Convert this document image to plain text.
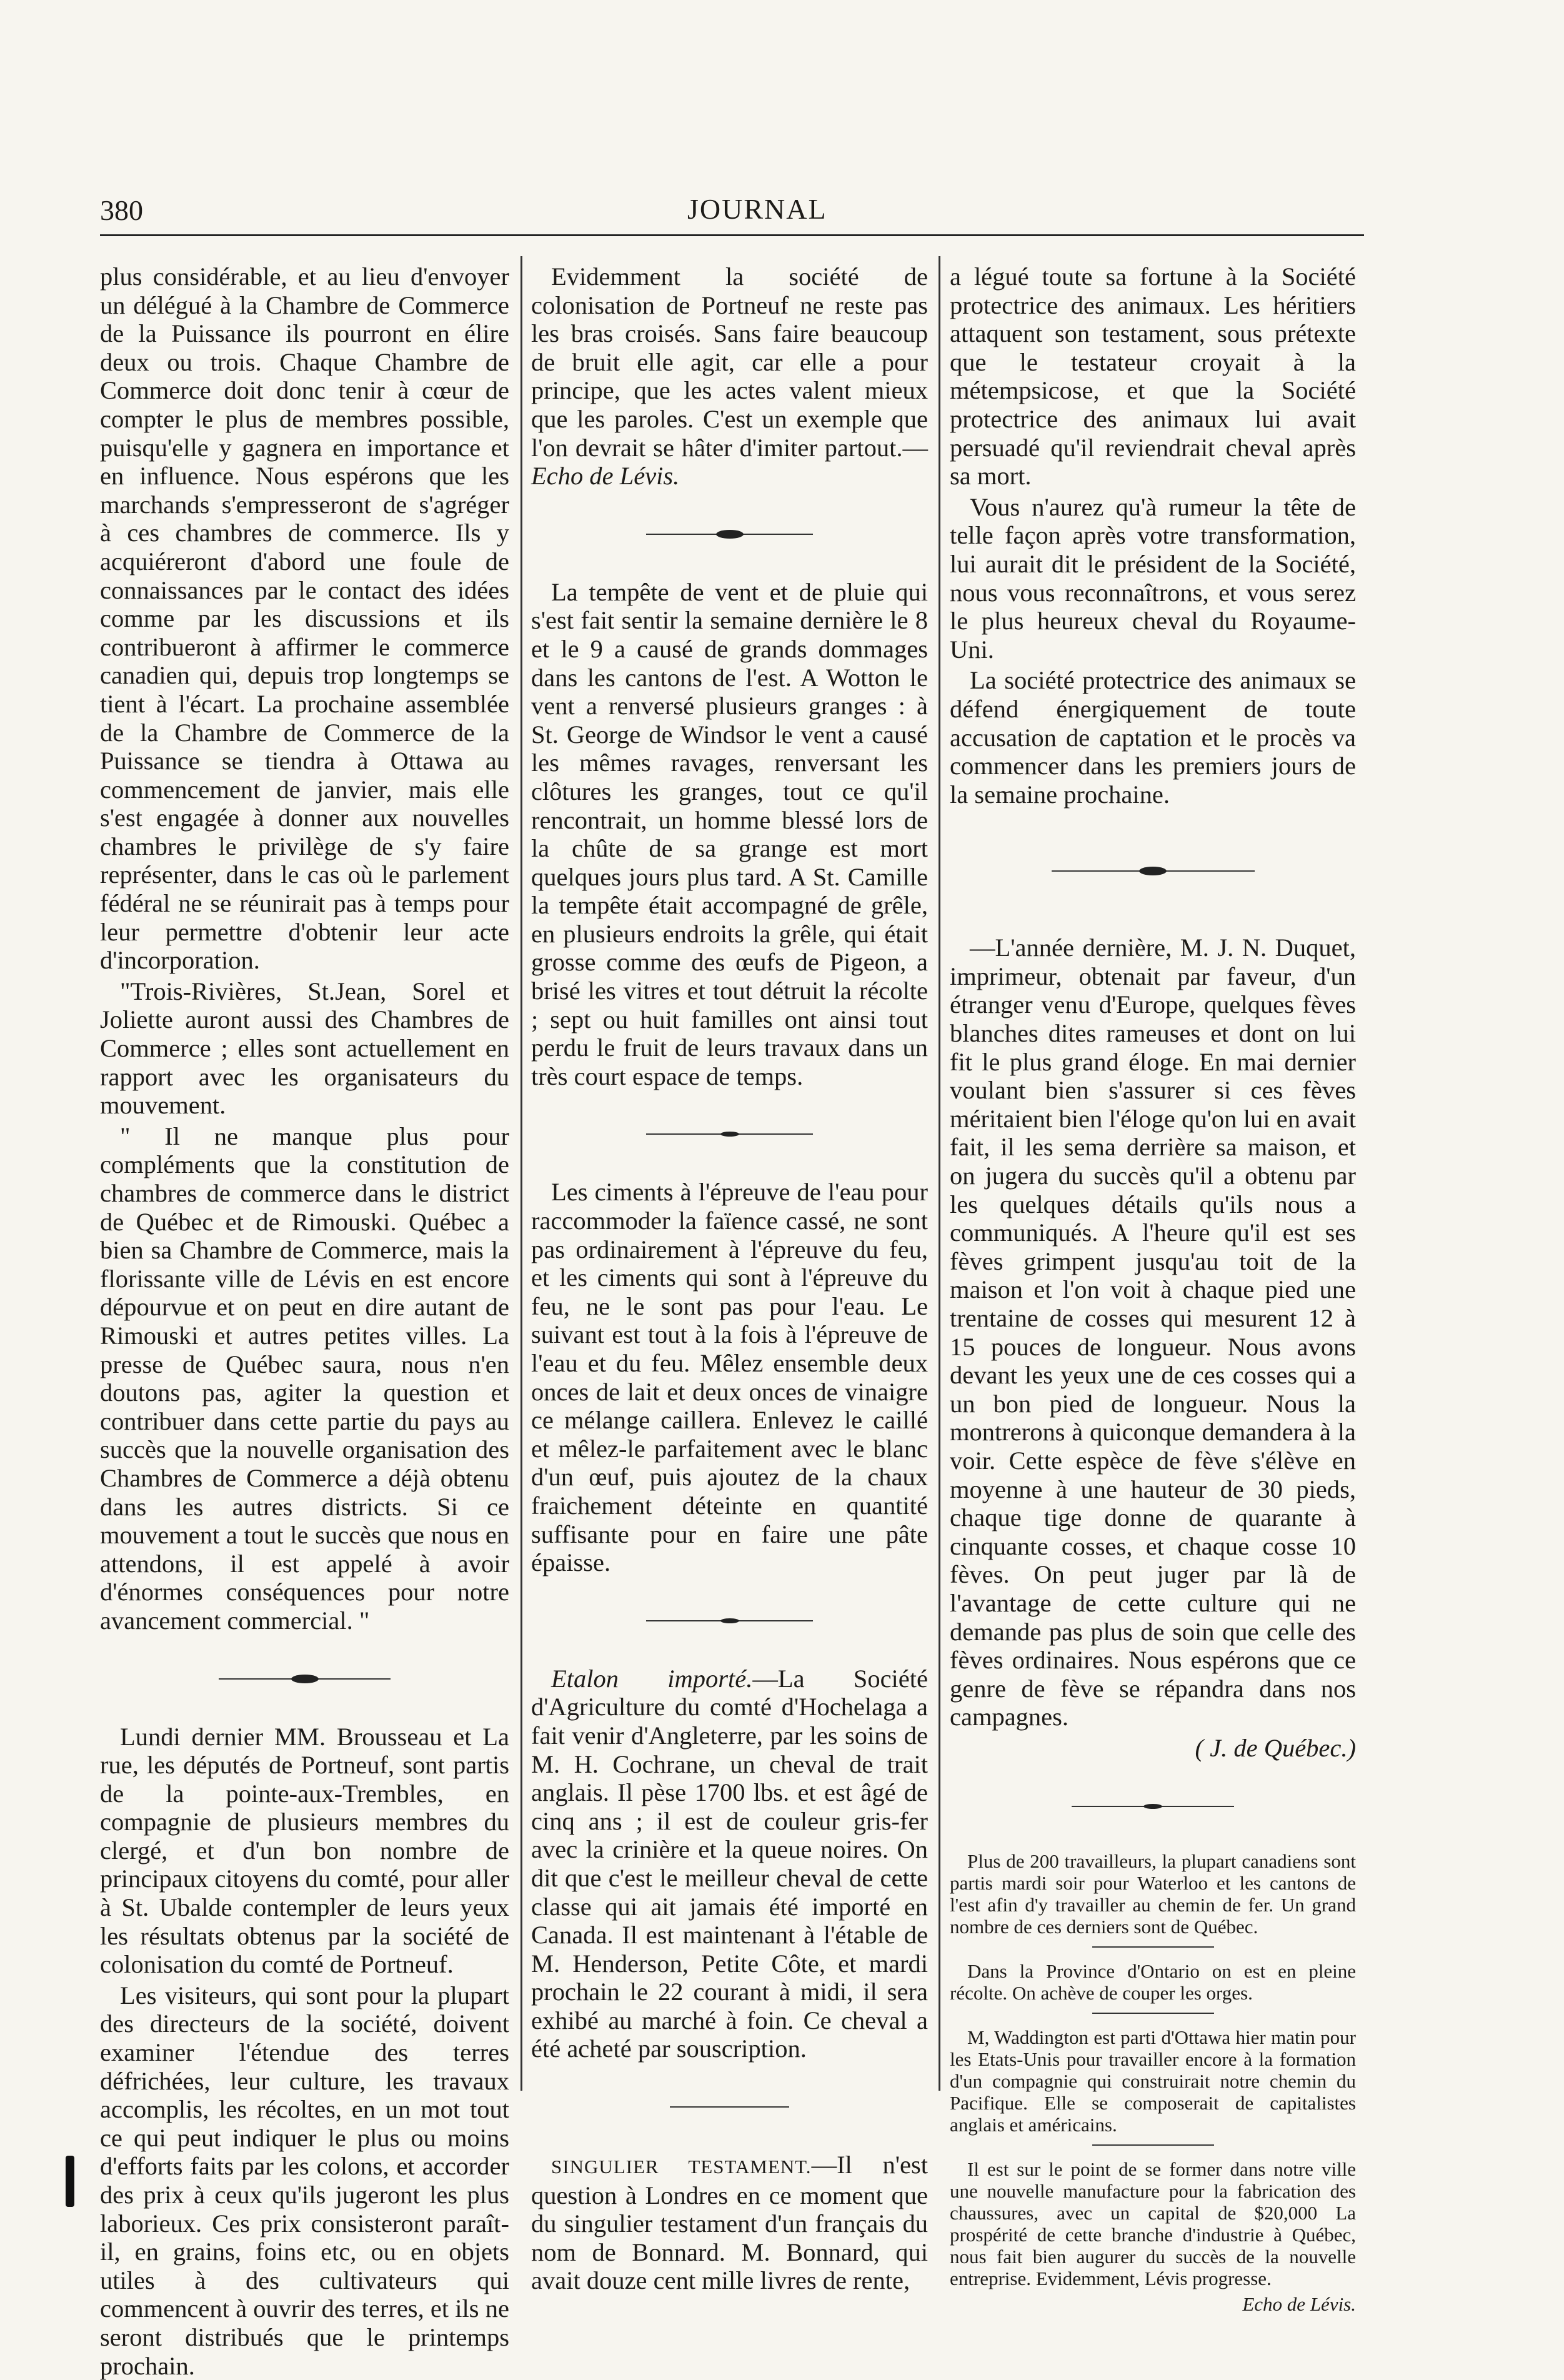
380	JOURNAL

plus considérable, et au lieu d'envoyer un délégué à la Chambre de Commerce de la Puissance ils pourront en élire deux ou trois. Chaque Chambre de Commerce doit donc tenir à cœur de compter le plus de membres possible, puisqu'elle y gagnera en importance et en influence. Nous espérons que les marchands s'empresseront de s'agréger à ces chambres de commerce. Ils y acquiéreront d'abord une foule de connaissances par le contact des idées comme par les discussions et ils contribueront à affirmer le commerce canadien qui, depuis trop longtemps se tient à l'écart. La prochaine assemblée de la Chambre de Commerce de la Puissance se tiendra à Ottawa au commencement de janvier, mais elle s'est engagée à donner aux nouvelles chambres le privilège de s'y faire représenter, dans le cas où le parlement fédéral ne se réunirait pas à temps pour leur permettre d'obtenir leur acte d'incorporation.

"Trois-Rivières, St.Jean, Sorel et Joliette auront aussi des Chambres de Commerce ; elles sont actuellement en rapport avec les organisateurs du mouvement.

" Il ne manque plus pour compléments que la constitution de chambres de commerce dans le district de Québec et de Rimouski. Québec a bien sa Chambre de Commerce, mais la florissante ville de Lévis en est encore dépourvue et on peut en dire autant de Rimouski et autres petites villes. La presse de Québec saura, nous n'en doutons pas, agiter la question et contribuer dans cette partie du pays au succès que la nouvelle organisation des Chambres de Commerce a déjà obtenu dans les autres districts. Si ce mouvement a tout le succès que nous en attendons, il est appelé à avoir d'énormes conséquences pour notre avancement commercial. "

Lundi dernier MM. Brousseau et La rue, les députés de Portneuf, sont partis de la pointe-aux-Trembles, en compagnie de plusieurs membres du clergé, et d'un bon nombre de principaux citoyens du comté, pour aller à St. Ubalde contempler de leurs yeux les résultats obtenus par la société de colonisation du comté de Portneuf.

Les visiteurs, qui sont pour la plupart des directeurs de la société, doivent examiner l'étendue des terres défrichées, leur culture, les travaux accomplis, les récoltes, en un mot tout ce qui peut indiquer le plus ou moins d'efforts faits par les colons, et accorder des prix à ceux qu'ils jugeront les plus laborieux. Ces prix consisteront paraît-il, en grains, foins etc, ou en objets utiles à des cultivateurs qui commencent à ouvrir des terres, et ils ne seront distribués que le printemps prochain.

Evidemment la société de colonisation de Portneuf ne reste pas les bras croisés. Sans faire beaucoup de bruit elle agit, car elle a pour principe, que les actes valent mieux que les paroles. C'est un exemple que l'on devrait se hâter d'imiter partout.—Echo de Lévis.

La tempête de vent et de pluie qui s'est fait sentir la semaine dernière le 8 et le 9 a causé de grands dommages dans les cantons de l'est. A Wotton le vent a renversé plusieurs granges : à St. George de Windsor le vent a causé les mêmes ravages, renversant les clôtures les granges, tout ce qu'il rencontrait, un homme blessé lors de la chûte de sa grange est mort quelques jours plus tard. A St. Camille la tempête était accompagné de grêle, en plusieurs endroits la grêle, qui était grosse comme des œufs de Pigeon, a brisé les vitres et tout détruit la récolte ; sept ou huit familles ont ainsi tout perdu le fruit de leurs travaux dans un très court espace de temps.

Les ciments à l'épreuve de l'eau pour raccommoder la faïence cassé, ne sont pas ordinairement à l'épreuve du feu, et les ciments qui sont à l'épreuve du feu, ne le sont pas pour l'eau. Le suivant est tout à la fois à l'épreuve de l'eau et du feu. Mêlez ensemble deux onces de lait et deux onces de vinaigre ce mélange caillera. Enlevez le caillé et mêlez-le parfaitement avec le blanc d'un œuf, puis ajoutez de la chaux fraichement déteinte en quantité suffisante pour en faire une pâte épaisse.

Etalon importé.—La Société d'Agriculture du comté d'Hochelaga a fait venir d'Angleterre, par les soins de M. H. Cochrane, un cheval de trait anglais. Il pèse 1700 lbs. et est âgé de cinq ans ; il est de couleur gris-fer avec la crinière et la queue noires. On dit que c'est le meilleur cheval de cette classe qui ait jamais été importé en Canada. Il est maintenant à l'étable de M. Henderson, Petite Côte, et mardi prochain le 22 courant à midi, il sera exhibé au marché à foin. Ce cheval a été acheté par souscription.

SINGULIER TESTAMENT.—Il n'est question à Londres en ce moment que du singulier testament d'un français du nom de Bonnard. M. Bonnard, qui avait douze cent mille livres de rente,

a légué toute sa fortune à la Société protectrice des animaux. Les héritiers attaquent son testament, sous prétexte que le testateur croyait à la métempsicose, et que la Société protectrice des animaux lui avait persuadé qu'il reviendrait cheval après sa mort.

Vous n'aurez qu'à rumeur la tête de telle façon après votre transformation, lui aurait dit le président de la Société, nous vous reconnaîtrons, et vous serez le plus heureux cheval du Royaume-Uni.

La société protectrice des animaux se défend énergiquement de toute accusation de captation et le procès va commencer dans les premiers jours de la semaine prochaine.

—L'année dernière, M. J. N. Duquet, imprimeur, obtenait par faveur, d'un étranger venu d'Europe, quelques fèves blanches dites rameuses et dont on lui fit le plus grand éloge. En mai dernier voulant bien s'assurer si ces fèves méritaient bien l'éloge qu'on lui en avait fait, il les sema derrière sa maison, et on jugera du succès qu'il a obtenu par les quelques détails qu'ils nous a communiqués. A l'heure qu'il est ses fèves grimpent jusqu'au toit de la maison et l'on voit à chaque pied une trentaine de cosses qui mesurent 12 à 15 pouces de longueur. Nous avons devant les yeux une de ces cosses qui a un bon pied de longueur. Nous la montrerons à quiconque demandera à la voir. Cette espèce de fève s'élève en moyenne à une hauteur de 30 pieds, chaque tige donne de quarante à cinquante cosses, et chaque cosse 10 fèves. On peut juger par là de l'avantage de cette culture qui ne demande pas plus de soin que celle des fèves ordinaires. Nous espérons que ce genre de fève se répandra dans nos campagnes.

( J. de Québec.)

Plus de 200 travailleurs, la plupart canadiens sont partis mardi soir pour Waterloo et les cantons de l'est afin d'y travailler au chemin de fer. Un grand nombre de ces derniers sont de Québec.

Dans la Province d'Ontario on est en pleine récolte. On achève de couper les orges.

M, Waddington est parti d'Ottawa hier matin pour les Etats-Unis pour travailler encore à la formation d'un compagnie qui construirait notre chemin du Pacifique. Elle se composerait de capitalistes anglais et américains.

Il est sur le point de se former dans notre ville une nouvelle manufacture pour la fabrication des chaussures, avec un capital de $20,000 La prospérité de cette branche d'industrie à Québec, nous fait bien augurer du succès de la nouvelle entreprise. Evidemment, Lévis progresse.

Echo de Lévis.
